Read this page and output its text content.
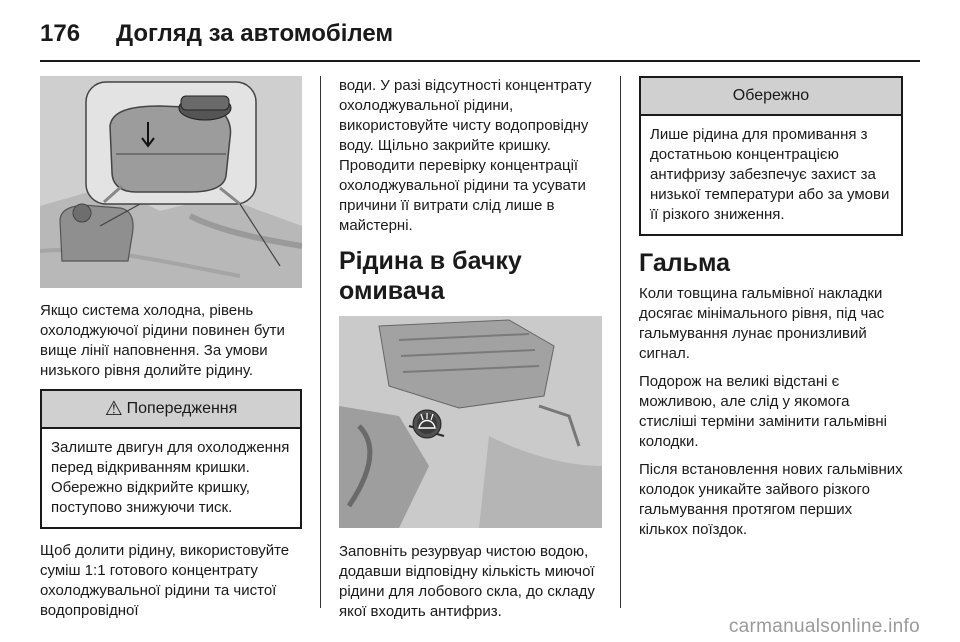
176 Догляд за автомобілем

Якщо система холодна, рівень охолоджуючої рідини повинен бути вище лінії наповнення. За умови низького рівня долийте рідину.

⚠ Попередження
Залиште двигун для охолодження перед відкриванням кришки. Обережно відкрийте кришку, поступово знижуючи тиск.

Щоб долити рідину, використовуйте суміш 1:1 готового концентрату охолоджувальної рідини та чистої водопровідної

води. У разі відсутності концентрату охолоджувальної рідини, використовуйте чисту водопровідну воду. Щільно закрийте кришку. Проводити перевірку концентрації охолоджувальної рідини та усувати причини її витрати слід лише в майстерні.

Рідина в бачку омивача

Заповніть резурвуар чистою водою, додавши відповідну кількість миючої рідини для лобового скла, до складу якої входить антифриз.

Обережно
Лише рідина для промивання з достатньою концентрацією антифризу забезпечує захист за низької температури або за умови її різкого зниження.
Гальма

Коли товщина гальмівної накладки досягає мінімального рівня, під час гальмування лунає пронизливий сигнал.

Подорож на великі відстані є можливою, але слід у якомога стисліші терміни замінити гальмівні колодки.

Після встановлення нових гальмівних колодок уникайте зайвого різкого гальмування протягом перших кількох поїздок.

carmanualsonline.info
